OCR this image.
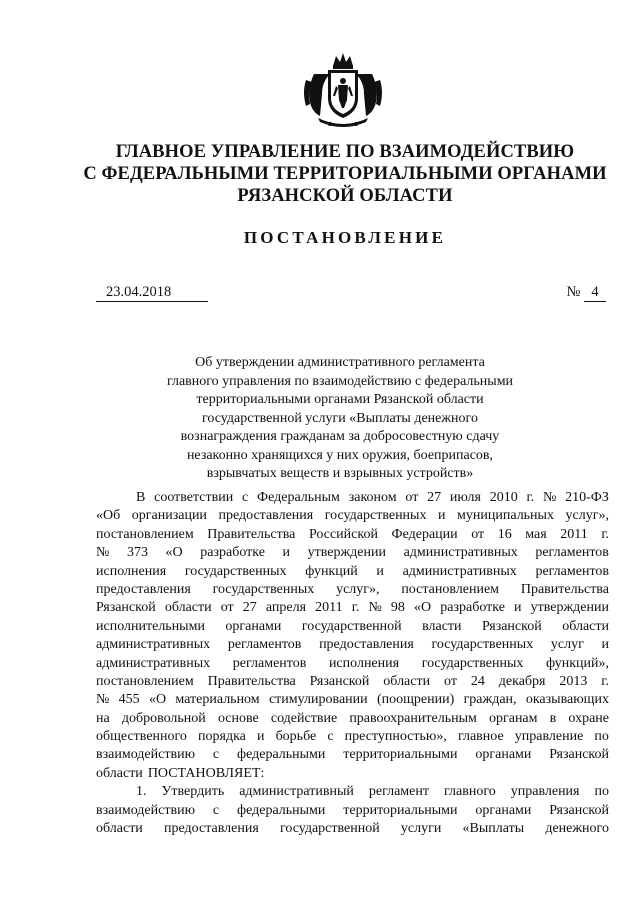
ГЛАВНОЕ УПРАВЛЕНИЕ ПО ВЗАИМОДЕЙСТВИЮ
С ФЕДЕРАЛЬНЫМИ ТЕРРИТОРИАЛЬНЫМИ ОРГАНАМИ
РЯЗАНСКОЙ ОБЛАСТИ
ПОСТАНОВЛЕНИЕ
23.04.2018	№ 4
Об утверждении административного регламента
главного управления по взаимодействию с федеральными
территориальными органами Рязанской области
государственной услуги «Выплаты денежного
вознаграждения гражданам за добросовестную сдачу
незаконно хранящихся у них оружия, боеприпасов,
взрывчатых веществ и взрывных устройств»
В соответствии с Федеральным законом от 27 июля 2010 г. № 210-ФЗ
«Об организации предоставления государственных и муниципальных услуг»,
постановлением Правительства Российской Федерации от 16 мая 2011 г.
№ 373 «О разработке и утверждении административных регламентов
исполнения государственных функций и административных регламентов
предоставления государственных услуг», постановлением Правительства
Рязанской области от 27 апреля 2011 г. № 98 «О разработке и утверждении
исполнительными органами государственной власти Рязанской области
административных регламентов предоставления государственных услуг и
административных регламентов исполнения государственных функций»,
постановлением Правительства Рязанской области от 24 декабря 2013 г.
№ 455 «О материальном стимулировании (поощрении) граждан, оказывающих
на добровольной основе содействие правоохранительным органам в охране
общественного порядка и борьбе с преступностью», главное управление по
взаимодействию с федеральными территориальными органами Рязанской
области ПОСТАНОВЛЯЕТ:
1. Утвердить административный регламент главного управления по
взаимодействию с федеральными территориальными органами Рязанской
области предоставления государственной услуги «Выплаты денежного
